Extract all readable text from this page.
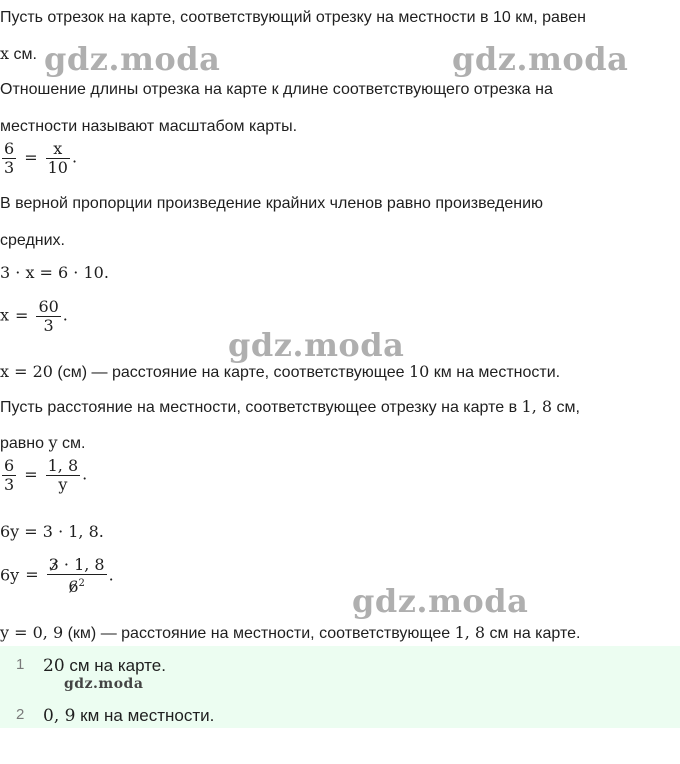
Пусть отрезок на карте, соответствующий отрезку на местности в 10 км, равен
x см.
Отношение длины отрезка на карте к длине соответствующего отрезка на
местности называют масштабом карты.
$\frac{6}{3} = \frac{x}{10}$ .
В верной пропорции произведение крайних членов равно произведению
средних.
3 · x = 6 · 10.
$x = \frac{60}{3}$ .
x = 20 (см) — расстояние на карте, соответствующее 10 км на местности.
Пусть расстояние на местности, соответствующее отрезку на карте в 1, 8 см,
равно y см.
$\frac{6}{3} = \frac{1, 8}{y}$ .
6y = 3 · 1, 8.
$6y = \frac{3 \cdot 1, 8}{6^2}$ .
y = 0, 9 (км) — расстояние на местности, соответствующее 1, 8 см на карте.
1 20 см на карте.
gdz.moda
2 0, 9 км на местности.
gdz.moda	gdz.moda
gdz.moda
gdz.moda
